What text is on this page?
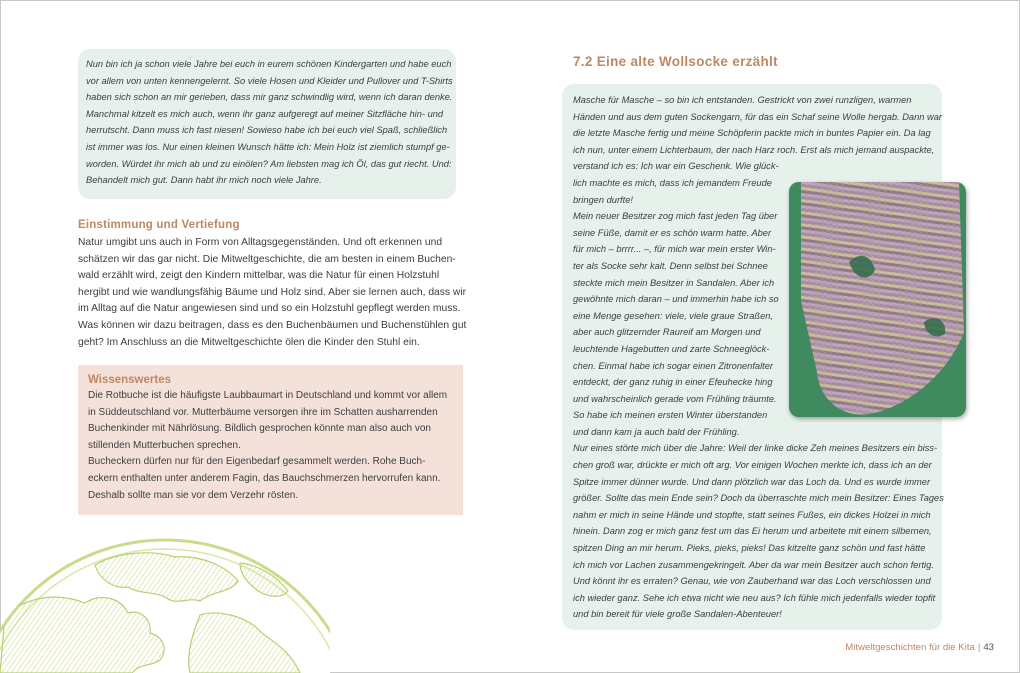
Nun bin ich ja schon viele Jahre bei euch in eurem schönen Kindergarten und habe euch
vor allem von unten kennengelernt. So viele Hosen und Kleider und Pullover und T-Shirts
haben sich schon an mir gerieben, dass mir ganz schwindlig wird, wenn ich daran denke.
Manchmal kitzelt es mich auch, wenn ihr ganz aufgeregt auf meiner Sitzfläche hin- und
herrutscht. Dann muss ich fast niesen! Sowieso habe ich bei euch viel Spaß, schließlich
ist immer was los. Nur einen kleinen Wunsch hätte ich: Mein Holz ist ziemlich stumpf ge-
worden. Würdet ihr mich ab und zu einölen? Am liebsten mag ich Öl, das gut riecht. Und:
Behandelt mich gut. Dann habt ihr mich noch viele Jahre.
Einstimmung und Vertiefung
Natur umgibt uns auch in Form von Alltagsgegenständen. Und oft erkennen und
schätzen wir das gar nicht. Die Mitweltgeschichte, die am besten in einem Buchen-
wald erzählt wird, zeigt den Kindern mittelbar, was die Natur für einen Holzstuhl
hergibt und wie wandlungsfähig Bäume und Holz sind. Aber sie lernen auch, dass wir
im Alltag auf die Natur angewiesen sind und so ein Holzstuhl gepflegt werden muss.
Was können wir dazu beitragen, dass es den Buchenbäumen und Buchenstühlen gut
geht? Im Anschluss an die Mitweltgeschichte ölen die Kinder den Stuhl ein.
Wissenswertes
Die Rotbuche ist die häufigste Laubbaumart in Deutschland und kommt vor allem
in Süddeutschland vor. Mutterbäume versorgen ihre im Schatten ausharrenden
Buchenkinder mit Nährlösung. Bildlich gesprochen könnte man also auch von
stillenden Mutterbuchen sprechen.
Bucheckern dürfen nur für den Eigenbedarf gesammelt werden. Rohe Buch-
eckern enthalten unter anderem Fagin, das Bauchschmerzen hervorrufen kann.
Deshalb sollte man sie vor dem Verzehr rösten.
7.2 Eine alte Wollsocke erzählt
Masche für Masche – so bin ich entstanden. Gestrickt von zwei runzligen, warmen
Händen und aus dem guten Sockengarn, für das ein Schaf seine Wolle hergab. Dann war
die letzte Masche fertig und meine Schöpferin packte mich in buntes Papier ein. Da lag
ich nun, unter einem Lichterbaum, der nach Harz roch. Erst als mich jemand auspackte,
verstand ich es: Ich war ein Geschenk. Wie glück-
lich machte es mich, dass ich jemandem Freude
bringen durfte!
Mein neuer Besitzer zog mich fast jeden Tag über
seine Füße, damit er es schön warm hatte. Aber
für mich – brrrr... –, für mich war mein erster Win-
ter als Socke sehr kalt. Denn selbst bei Schnee
steckte mich mein Besitzer in Sandalen. Aber ich
gewöhnte mich daran – und immerhin habe ich so
eine Menge gesehen: viele, viele graue Straßen,
aber auch glitzernder Raureif am Morgen und
leuchtende Hagebutten und zarte Schneeglöck-
chen. Einmal habe ich sogar einen Zitronenfalter
entdeckt, der ganz ruhig in einer Efeuhecke hing
und wahrscheinlich gerade vom Frühling träumte.
So habe ich meinen ersten Winter überstanden
und dann kam ja auch bald der Frühling.
Nur eines störte mich über die Jahre: Weil der linke dicke Zeh meines Besitzers ein biss-
chen groß war, drückte er mich oft arg. Vor einigen Wochen merkte ich, dass ich an der
Spitze immer dünner wurde. Und dann plötzlich war das Loch da. Und es wurde immer
größer. Sollte das mein Ende sein? Doch da überraschte mich mein Besitzer: Eines Tages
nahm er mich in seine Hände und stopfte, statt seines Fußes, ein dickes Holzei in mich
hinein. Dann zog er mich ganz fest um das Ei herum und arbeitete mit einem silbernen,
spitzen Ding an mir herum. Pieks, pieks, pieks! Das kitzelte ganz schön und fast hätte
ich mich vor Lachen zusammengekringelt. Aber da war mein Besitzer auch schon fertig.
Und könnt ihr es erraten? Genau, wie von Zauberhand war das Loch verschlossen und
ich wieder ganz. Sehe ich etwa nicht wie neu aus? Ich fühle mich jedenfalls wieder topfit
und bin bereit für viele große Sandalen-Abenteuer!
Mitweltgeschichten für die Kita | 43
